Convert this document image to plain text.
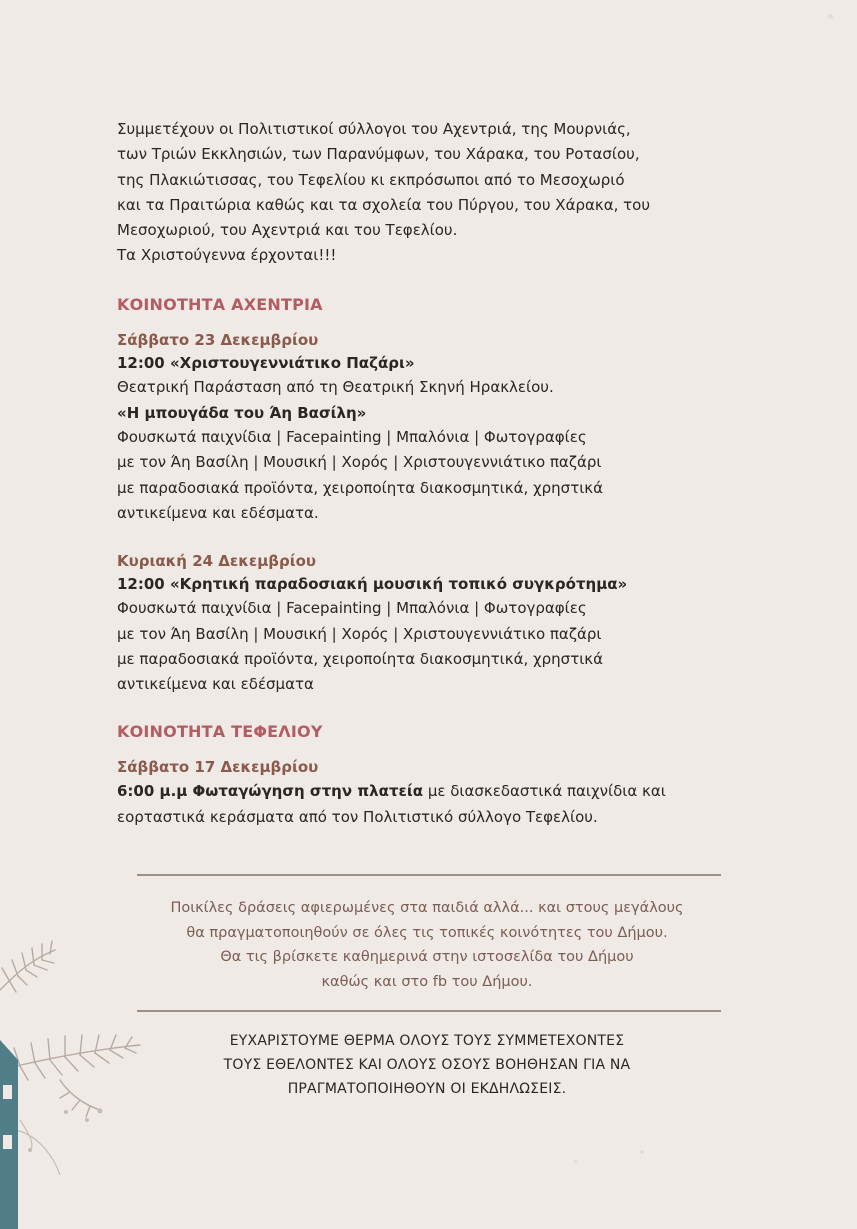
Συμμετέχουν οι Πολιτιστικοί σύλλογοι του Αχεντριά, της Μουρνιάς,

των Τριών Εκκλησιών, των Παρανύμφων, του Χάρακα, του Ροτασίου,

της Πλακιώτισσας, του Τεφελίου κι εκπρόσωποι από το Μεσοχωριό

και τα Πραιτώρια καθώς και τα σχολεία του Πύργου, του Χάρακα, του

Μεσοχωριού, του Αχεντριά και του Τεφελίου.

Τα Χριστούγεννα έρχονται!!!

ΚΟΙΝΟΤΗΤΑ ΑΧΕΝΤΡΙΑ

Σάββατο 23 Δεκεμβρίου

12:00 «Χριστουγεννιάτικο Παζάρι»

Θεατρική Παράσταση από τη Θεατρική Σκηνή Ηρακλείου.

«Η μπουγάδα του Άη Βασίλη»

Φουσκωτά παιχνίδια | Facepainting | Μπαλόνια | Φωτογραφίες

με τον Άη Βασίλη | Μουσική | Χορός | Χριστουγεννιάτικο παζάρι

με παραδοσιακά προϊόντα, χειροποίητα διακοσμητικά, χρηστικά

αντικείμενα και εδέσματα.

Κυριακή 24 Δεκεμβρίου

12:00 «Κρητική παραδοσιακή μουσική τοπικό συγκρότημα»

Φουσκωτά παιχνίδια | Facepainting | Μπαλόνια | Φωτογραφίες

με τον Άη Βασίλη | Μουσική | Χορός | Χριστουγεννιάτικο παζάρι

με παραδοσιακά προϊόντα, χειροποίητα διακοσμητικά, χρηστικά

αντικείμενα και εδέσματα

ΚΟΙΝΟΤΗΤΑ ΤΕΦΕΛΙΟΥ

Σάββατο 17 Δεκεμβρίου

6:00 μ.μ Φωταγώγηση στην πλατεία με διασκεδαστικά παιχνίδια και

εορταστικά κεράσματα από τον Πολιτιστικό σύλλογο Τεφελίου.

Ποικίλες δράσεις αφιερωμένες στα παιδιά αλλά... και στους μεγάλους
θα πραγματοποιηθούν σε όλες τις τοπικές κοινότητες του Δήμου.
Θα τις βρίσκετε καθημερινά στην ιστοσελίδα του Δήμου
καθώς και στο fb του Δήμου.
ΕΥΧΑΡΙΣΤΟΥΜΕ ΘΕΡΜΑ ΟΛΟΥΣ ΤΟΥΣ ΣΥΜΜΕΤΕΧΟΝΤΕΣ
ΤΟΥΣ ΕΘΕΛΟΝΤΕΣ ΚΑΙ ΟΛΟΥΣ ΟΣΟΥΣ ΒΟΗΘΗΣΑΝ ΓΙΑ ΝΑ
ΠΡΑΓΜΑΤΟΠΟΙΗΘΟΥΝ ΟΙ ΕΚΔΗΛΩΣΕΙΣ.
